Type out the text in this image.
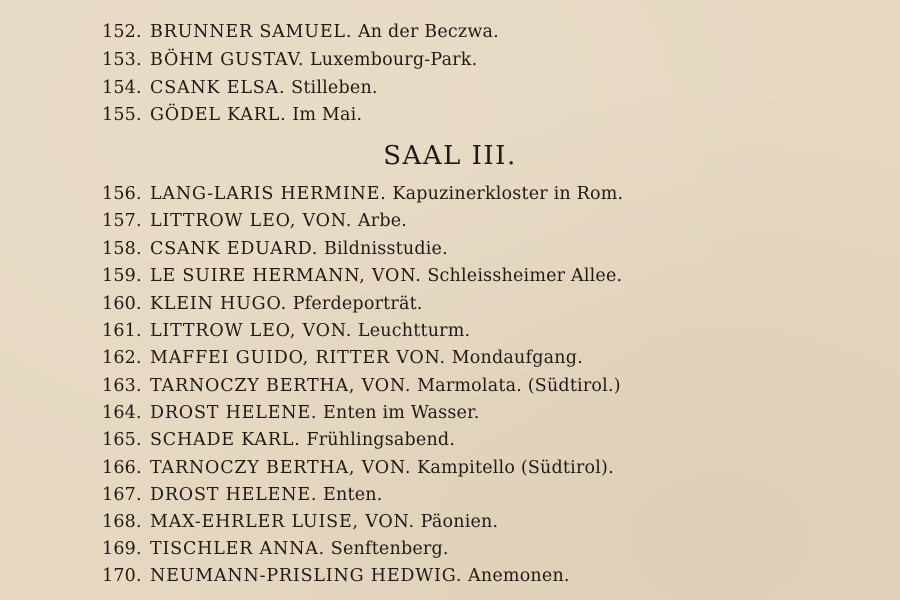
152. BRUNNER SAMUEL. An der Beczwa.
153. BÖHM GUSTAV. Luxembourg-Park.
154. CSANK ELSA. Stilleben.
155. GÖDEL KARL. Im Mai.
SAAL III.
156. LANG-LARIS HERMINE. Kapuzinerkloster in Rom.
157. LITTROW LEO, VON. Arbe.
158. CSANK EDUARD. Bildnisstudie.
159. LE SUIRE HERMANN, VON. Schleissheimer Allee.
160. KLEIN HUGO. Pferdeporträt.
161. LITTROW LEO, VON. Leuchtturm.
162. MAFFEI GUIDO, RITTER VON. Mondaufgang.
163. TARNOCZY BERTHA, VON. Marmolata. (Südtirol.)
164. DROST HELENE. Enten im Wasser.
165. SCHADE KARL. Frühlingsabend.
166. TARNOCZY BERTHA, VON. Kampitello (Südtirol).
167. DROST HELENE. Enten.
168. MAX-EHRLER LUISE, VON. Päonien.
169. TISCHLER ANNA. Senftenberg.
170. NEUMANN-PRISLING HEDWIG. Anemonen.
